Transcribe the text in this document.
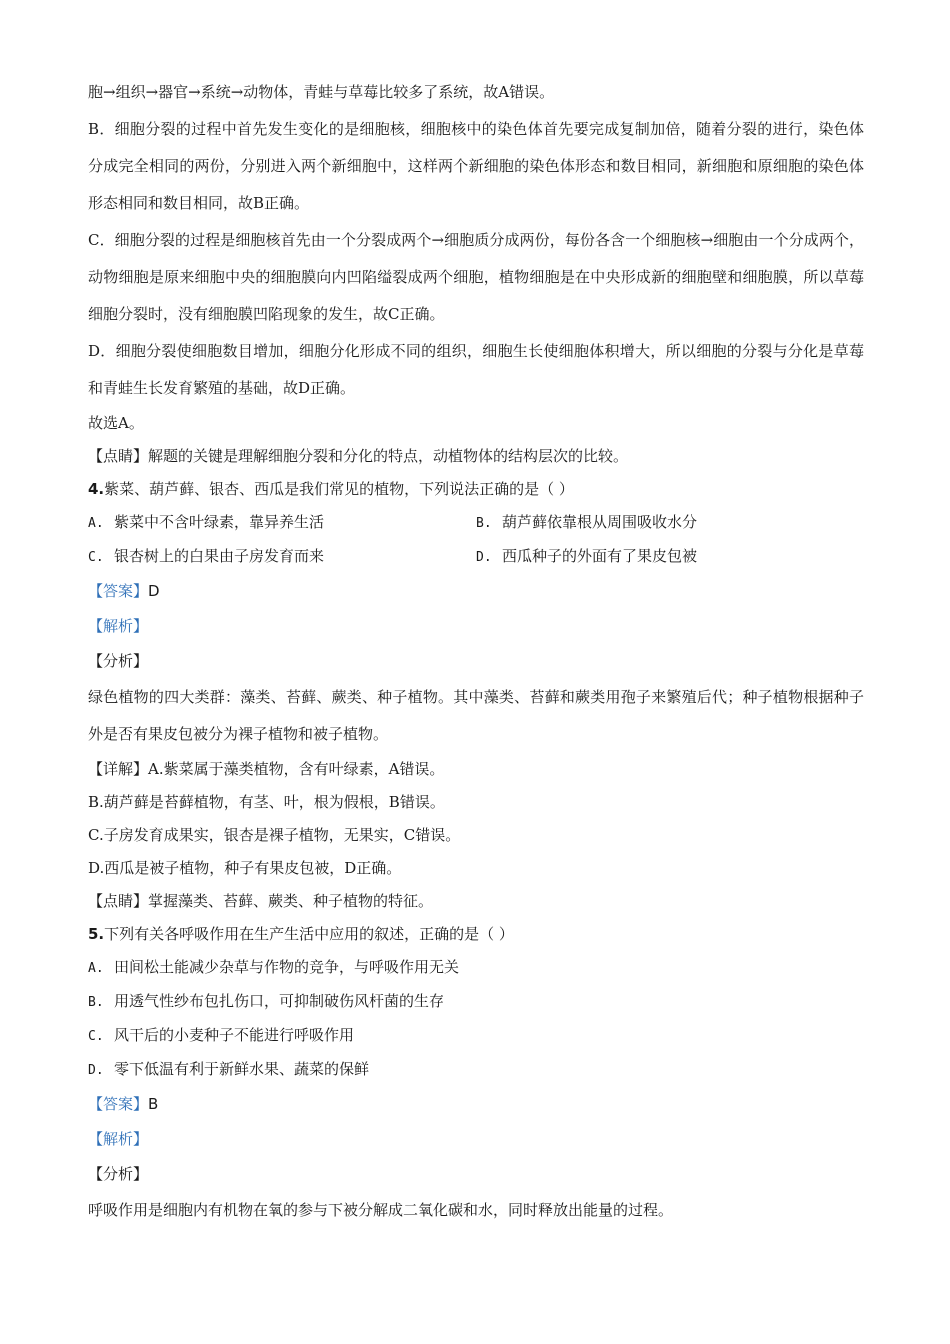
胞→组织→器官→系统→动物体，青蛙与草莓比较多了系统，故A错误。

B．细胞分裂的过程中首先发生变化的是细胞核，细胞核中的染色体首先要完成复制加倍，随着分裂的进行，染色体分成完全相同的两份，分别进入两个新细胞中，这样两个新细胞的染色体形态和数目相同，新细胞和原细胞的染色体形态相同和数目相同，故B正确。

C．细胞分裂的过程是细胞核首先由一个分裂成两个→细胞质分成两份，每份各含一个细胞核→细胞由一个分成两个，动物细胞是原来细胞中央的细胞膜向内凹陷缢裂成两个细胞，植物细胞是在中央形成新的细胞壁和细胞膜，所以草莓细胞分裂时，没有细胞膜凹陷现象的发生，故C正确。

D．细胞分裂使细胞数目增加，细胞分化形成不同的组织，细胞生长使细胞体积增大，所以细胞的分裂与分化是草莓和青蛙生长发育繁殖的基础，故D正确。

故选A。

【点睛】解题的关键是理解细胞分裂和分化的特点，动植物体的结构层次的比较。

4.紫菜、葫芦藓、银杏、西瓜是我们常见的植物，下列说法正确的是（ ）

A. 紫菜中不含叶绿素，靠异养生活	B. 葫芦藓依靠根从周围吸收水分

C. 银杏树上的白果由子房发育而来	D. 西瓜种子的外面有了果皮包被

【答案】D

【解析】

【分析】

绿色植物的四大类群：藻类、苔藓、蕨类、种子植物。其中藻类、苔藓和蕨类用孢子来繁殖后代；种子植物根据种子外是否有果皮包被分为裸子植物和被子植物。

【详解】A.紫菜属于藻类植物，含有叶绿素，A错误。

B.葫芦藓是苔藓植物，有茎、叶，根为假根，B错误。

C.子房发育成果实，银杏是裸子植物，无果实，C错误。

D.西瓜是被子植物，种子有果皮包被，D正确。

【点睛】掌握藻类、苔藓、蕨类、种子植物的特征。

5.下列有关各呼吸作用在生产生活中应用的叙述，正确的是（ ）

A. 田间松土能减少杂草与作物的竞争，与呼吸作用无关

B. 用透气性纱布包扎伤口，可抑制破伤风杆菌的生存

C. 风干后的小麦种子不能进行呼吸作用

D. 零下低温有利于新鲜水果、蔬菜的保鲜

【答案】B

【解析】

【分析】

呼吸作用是细胞内有机物在氧的参与下被分解成二氧化碳和水，同时释放出能量的过程。
